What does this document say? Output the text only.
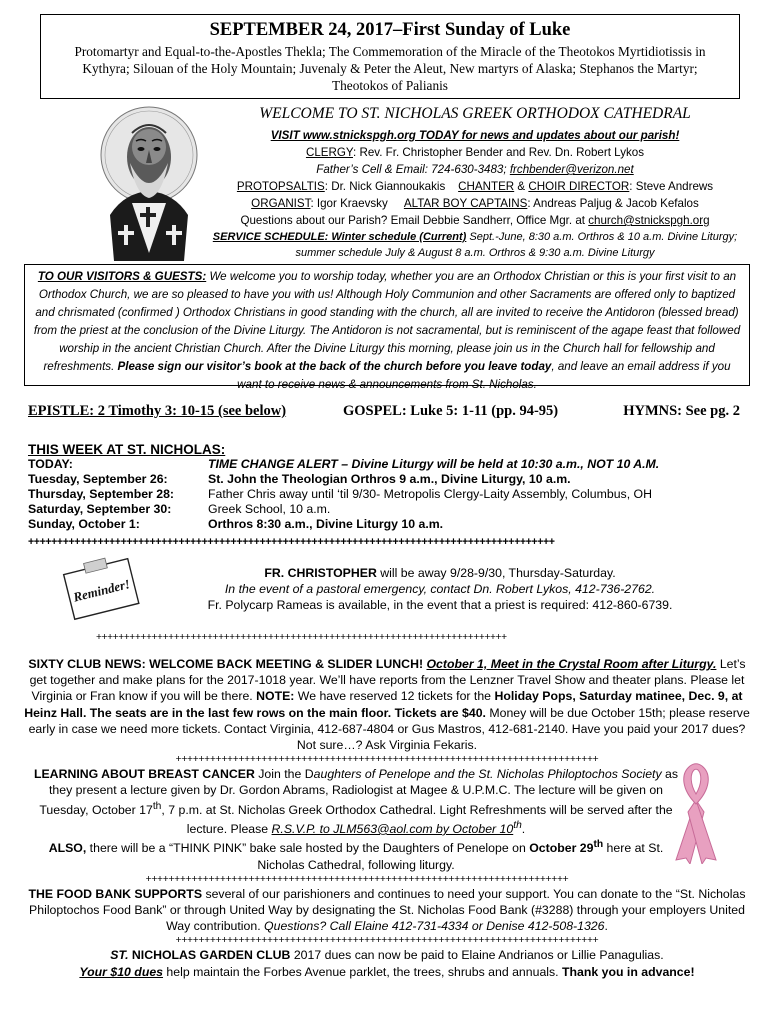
SEPTEMBER 24, 2017–First Sunday of Luke
Protomartyr and Equal-to-the-Apostles Thekla; The Commemoration of the Miracle of the Theotokos Myrtidiotissis in Kythyra; Silouan of the Holy Mountain; Juvenaly & Peter the Aleut, New martyrs of Alaska; Stephanos the Martyr; Theotokos of Palianis
WELCOME TO ST. NICHOLAS GREEK ORTHODOX CATHEDRAL
VISIT www.stnickspgh.org TODAY for news and updates about our parish!
CLERGY: Rev. Fr. Christopher Bender and Rev. Dn. Robert Lykos
Father’s Cell & Email: 724-630-3483; frchbender@verizon.net
PROTOPSALTIS: Dr. Nick Giannoukakis CHANTER & CHOIR DIRECTOR: Steve Andrews
ORGANIST: Igor Kraevsky ALTAR BOY CAPTAINS: Andreas Paljug & Jacob Kefalos
Questions about our Parish? Email Debbie Sandherr, Office Mgr. at church@stnickspgh.org
SERVICE SCHEDULE: Winter schedule (Current) Sept.-June, 8:30 a.m. Orthros & 10 a.m. Divine Liturgy;
summer schedule July & August 8 a.m. Orthros & 9:30 a.m. Divine Liturgy
TO OUR VISITORS & GUESTS: We welcome you to worship today, whether you are an Orthodox Christian or this is your first visit to an Orthodox Church, we are so pleased to have you with us! Although Holy Communion and other Sacraments are offered only to baptized and chrismated (confirmed ) Orthodox Christians in good standing with the church, all are invited to receive the Antidoron (blessed bread) from the priest at the conclusion of the Divine Liturgy. The Antidoron is not sacramental, but is reminiscent of the agape feast that followed worship in the ancient Christian Church. After the Divine Liturgy this morning, please join us in the Church hall for fellowship and refreshments. Please sign our visitor’s book at the back of the church before you leave today, and leave an email address if you want to receive news & announcements from St. Nicholas.
EPISTLE: 2 Timothy 3: 10-15 (see below)	GOSPEL: Luke 5: 1-11 (pp. 94-95)	HYMNS: See pg. 2
THIS WEEK AT ST. NICHOLAS:
TODAY:	TIME CHANGE ALERT – Divine Liturgy will be held at 10:30 a.m., NOT 10 A.M.
Tuesday, September 26:	St. John the Theologian Orthros 9 a.m., Divine Liturgy, 10 a.m.
Thursday, September 28:	Father Chris away until ‘til 9/30- Metropolis Clergy-Laity Assembly, Columbus, OH
Saturday, September 30:	Greek School, 10 a.m.
Sunday, October 1:	Orthros 8:30 a.m., Divine Liturgy 10 a.m.
+++++++++++++++++++++++++++++++++++++++++++++++++++++++++++++++++++++++++++++++++++++++++++
Reminder!
FR. CHRISTOPHER will be away 9/28-9/30, Thursday-Saturday.
In the event of a pastoral emergency, contact Dn. Robert Lykos, 412-736-2762.
Fr. Polycarp Rameas is available, in the event that a priest is required: 412-860-6739.
++++++++++++++++++++++++++++++++++++++++++++++++++++++++++++++++++++++++++

SIXTY CLUB NEWS: WELCOME BACK MEETING & SLIDER LUNCH! October 1, Meet in the Crystal Room after Liturgy. Let’s get together and make plans for the 2017-1018 year. We’ll have reports from the Lenzner Travel Show and theater plans. Please let Virginia or Fran know if you will be there. NOTE: We have reserved 12 tickets for the Holiday Pops, Saturday matinee, Dec. 9, at Heinz Hall. The seats are in the last few rows on the main floor. Tickets are $40. Money will be due October 15th; please reserve early in case we need more tickets. Contact Virginia, 412-687-4804 or Gus Mastros, 412-681-2140. Have you paid your 2017 dues? Not sure…? Ask Virginia Fekaris.

++++++++++++++++++++++++++++++++++++++++++++++++++++++++++++++++++++++++++

LEARNING ABOUT BREAST CANCER Join the Daughters of Penelope and the St. Nicholas Philoptochos Society as they present a lecture given by Dr. Gordon Abrams, Radiologist at Magee & U.P.M.C. The lecture will be given on Tuesday, October 17th, 7 p.m. at St. Nicholas Greek Orthodox Cathedral. Light Refreshments will be served after the lecture. Please R.S.V.P. to JLM563@aol.com by October 10th.
ALSO, there will be a “THINK PINK” bake sale hosted by the Daughters of Penelope on October 29th here at St. Nicholas Cathedral, following liturgy.

++++++++++++++++++++++++++++++++++++++++++++++++++++++++++++++++++++++++++

THE FOOD BANK SUPPORTS several of our parishioners and continues to need your support. You can donate to the “St. Nicholas Philoptochos Food Bank” or through United Way by designating the St. Nicholas Food Bank (#3288) through your employers United Way contribution. Questions? Call Elaine 412-731-4334 or Denise 412-508-1326.

++++++++++++++++++++++++++++++++++++++++++++++++++++++++++++++++++++++++++

ST. NICHOLAS GARDEN CLUB 2017 dues can now be paid to Elaine Andrianos or Lillie Panagulias.
Your $10 dues help maintain the Forbes Avenue parklet, the trees, shrubs and annuals. Thank you in advance!
